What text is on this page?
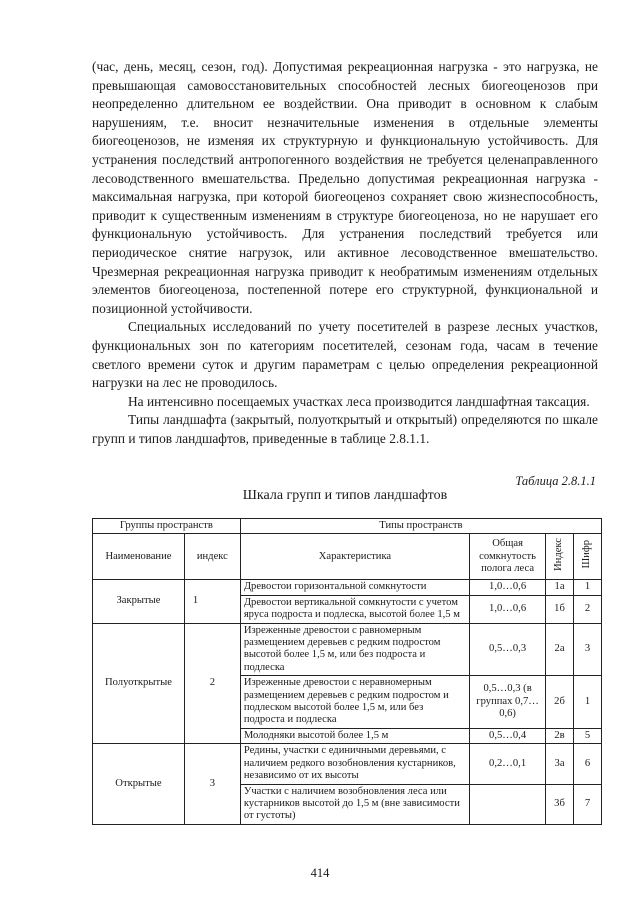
(час, день, месяц, сезон, год). Допустимая рекреационная нагрузка - это нагрузка, не превышающая самовосстановительных способностей лесных биогеоценозов при неопределенно длительном ее воздействии. Она приводит в основном к слабым нарушениям, т.е. вносит незначительные изменения в отдельные элементы биогеоценозов, не изменяя их структурную и функциональную устойчивость. Для устранения последствий антропогенного воздействия не требуется целенаправленного лесоводственного вмешательства. Предельно допустимая рекреационная нагрузка - максимальная нагрузка, при которой биогеоценоз сохраняет свою жизнеспособность, приводит к существенным изменениям в структуре биогеоценоза, но не нарушает его функциональную устойчивость. Для устранения последствий требуется или периодическое снятие нагрузок, или активное лесоводственное вмешательство. Чрезмерная рекреационная нагрузка приводит к необратимым изменениям отдельных элементов биогеоценоза, постепенной потере его структурной, функциональной и позиционной устойчивости.

Специальных исследований по учету посетителей в разрезе лесных участков, функциональных зон по категориям посетителей, сезонам года, часам в течение светлого времени суток и другим параметрам с целью определения рекреационной нагрузки на лес не проводилось.

На интенсивно посещаемых участках леса производится ландшафтная таксация.

Типы ландшафта (закрытый, полуоткрытый и открытый) определяются по шкале групп и типов ландшафтов, приведенные в таблице 2.8.1.1.

Таблица 2.8.1.1
Шкала групп и типов ландшафтов
Группы пространств		Типы пространств			
Наименование	индекс	Характеристика	Общая сомкнутость полога леса	Индекс	Шифр
Закрытые	1	Древостои горизонтальной сомкнутости	1,0…0,6	1а	1
		Древостои вертикальной сомкнутости с учетом яруса подроста и подлеска, высотой более 1,5 м	1,0…0,6	1б	2
Полуоткрытые	2	Изреженные древостои с равномерным размещением деревьев с редким подростом высотой более 1,5 м, или без подроста и подлеска	0,5…0,3	2а	3
		Изреженные древостои с неравномерным размещением деревьев с редким подростом и подлеском высотой более 1,5 м, или без подроста и подлеска	0,5…0,3 (в группах 0,7…0,6)	2б	1
		Молодняки высотой более 1,5 м	0,5…0,4	2в	5
Открытые	3	Редины, участки с единичными деревьями, с наличием редкого возобновления кустарников, независимо от их высоты	0,2…0,1	3а	6
		Участки с наличием возобновления леса или кустарников высотой до 1,5 м (вне зависимости от густоты)		3б	7
414
